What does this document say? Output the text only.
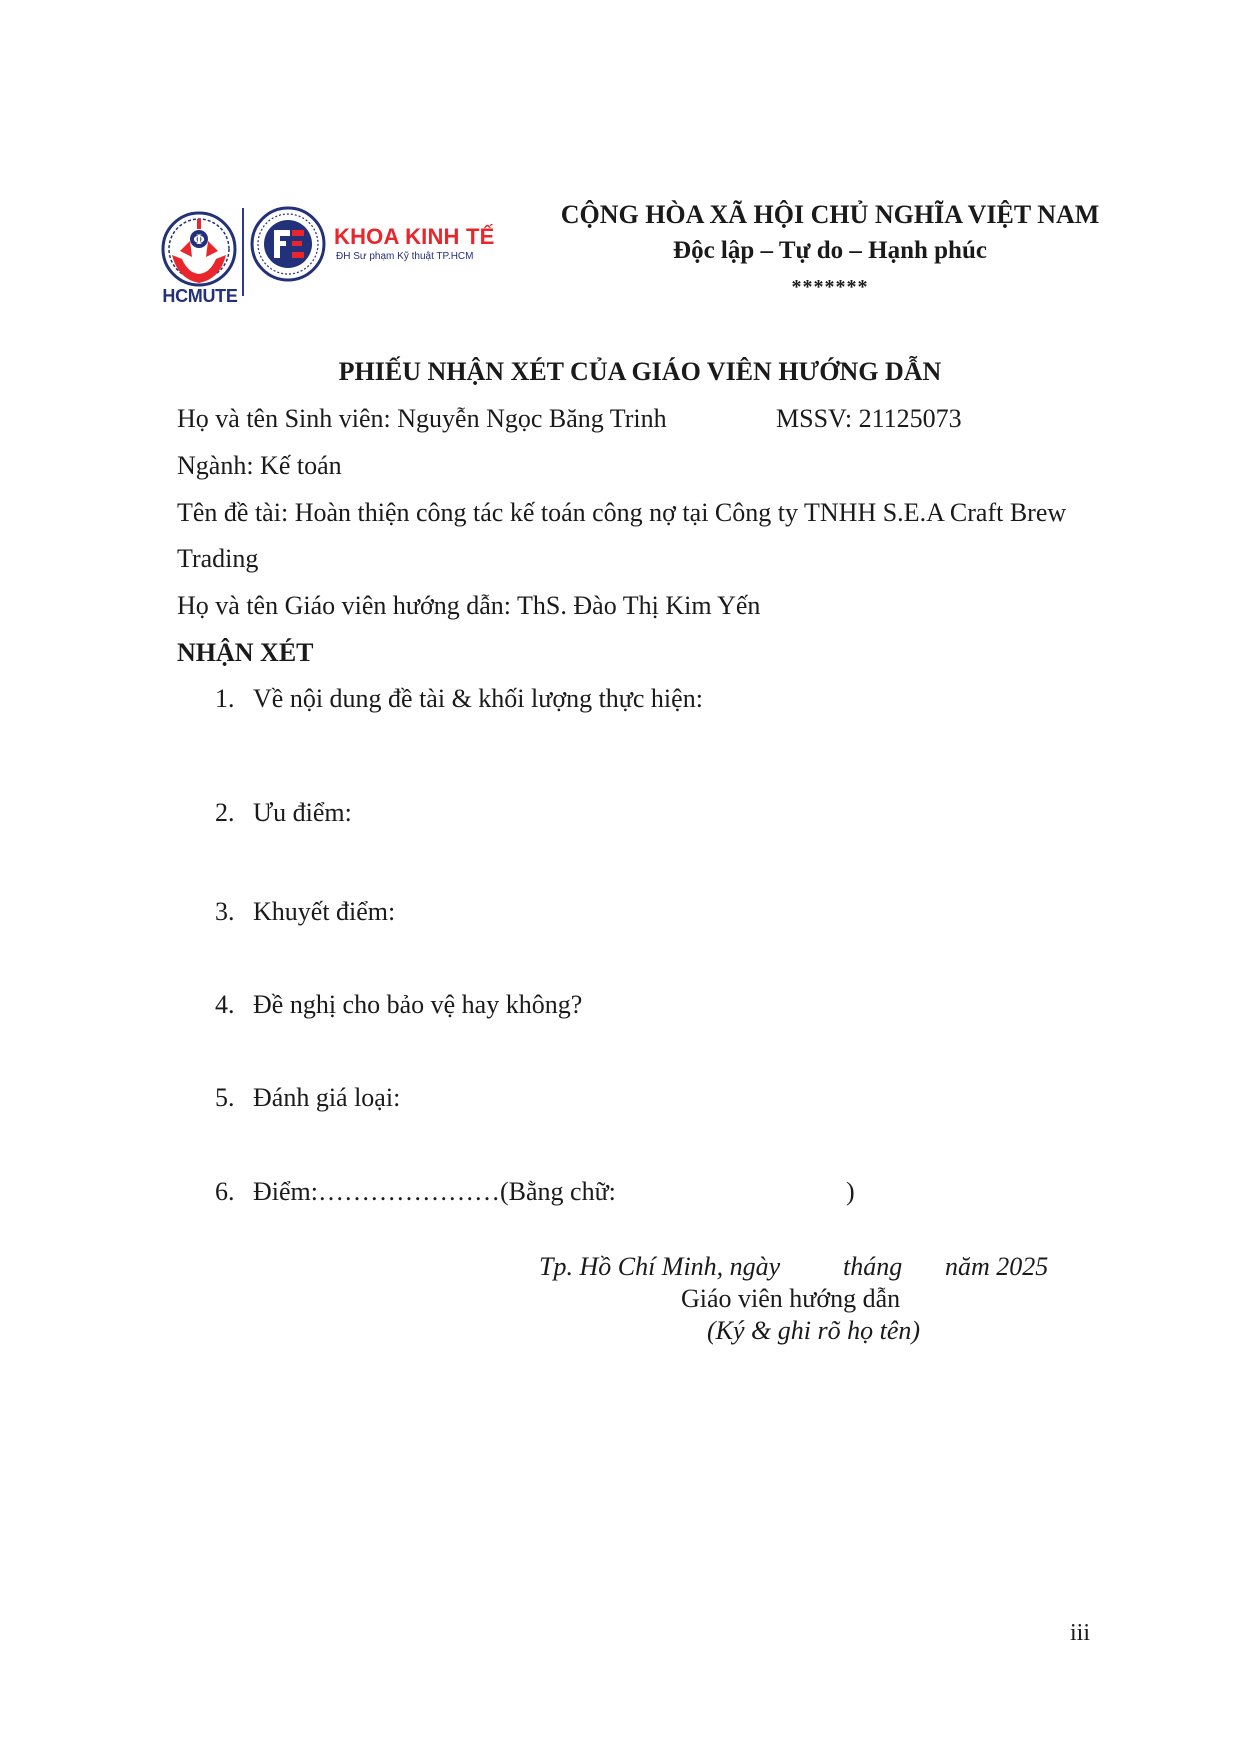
Φ
HCMUTE
KHOA KINH TẾ
ĐH Sư phạm Kỹ thuật TP.HCM
CỘNG HÒA XÃ HỘI CHỦ NGHĨA VIỆT NAM
Độc lập – Tự do – Hạnh phúc
*******
PHIẾU NHẬN XÉT CỦA GIÁO VIÊN HƯỚNG DẪN
Họ và tên Sinh viên: Nguyễn Ngọc Băng Trinh	MSSV: 21125073
Ngành: Kế toán
Tên đề tài: Hoàn thiện công tác kế toán công nợ tại Công ty TNHH S.E.A Craft Brew
Trading
Họ và tên Giáo viên hướng dẫn: ThS. Đào Thị Kim Yến
NHẬN XÉT
1. Về nội dung đề tài & khối lượng thực hiện:
2. Ưu điểm:
3. Khuyết điểm:
4. Đề nghị cho bảo vệ hay không?
5. Đánh giá loại:
6. Điểm:…………………(Bằng chữ:	)
Tp. Hồ Chí Minh, ngày tháng năm 2025
Giáo viên hướng dẫn
(Ký & ghi rõ họ tên)
iii
